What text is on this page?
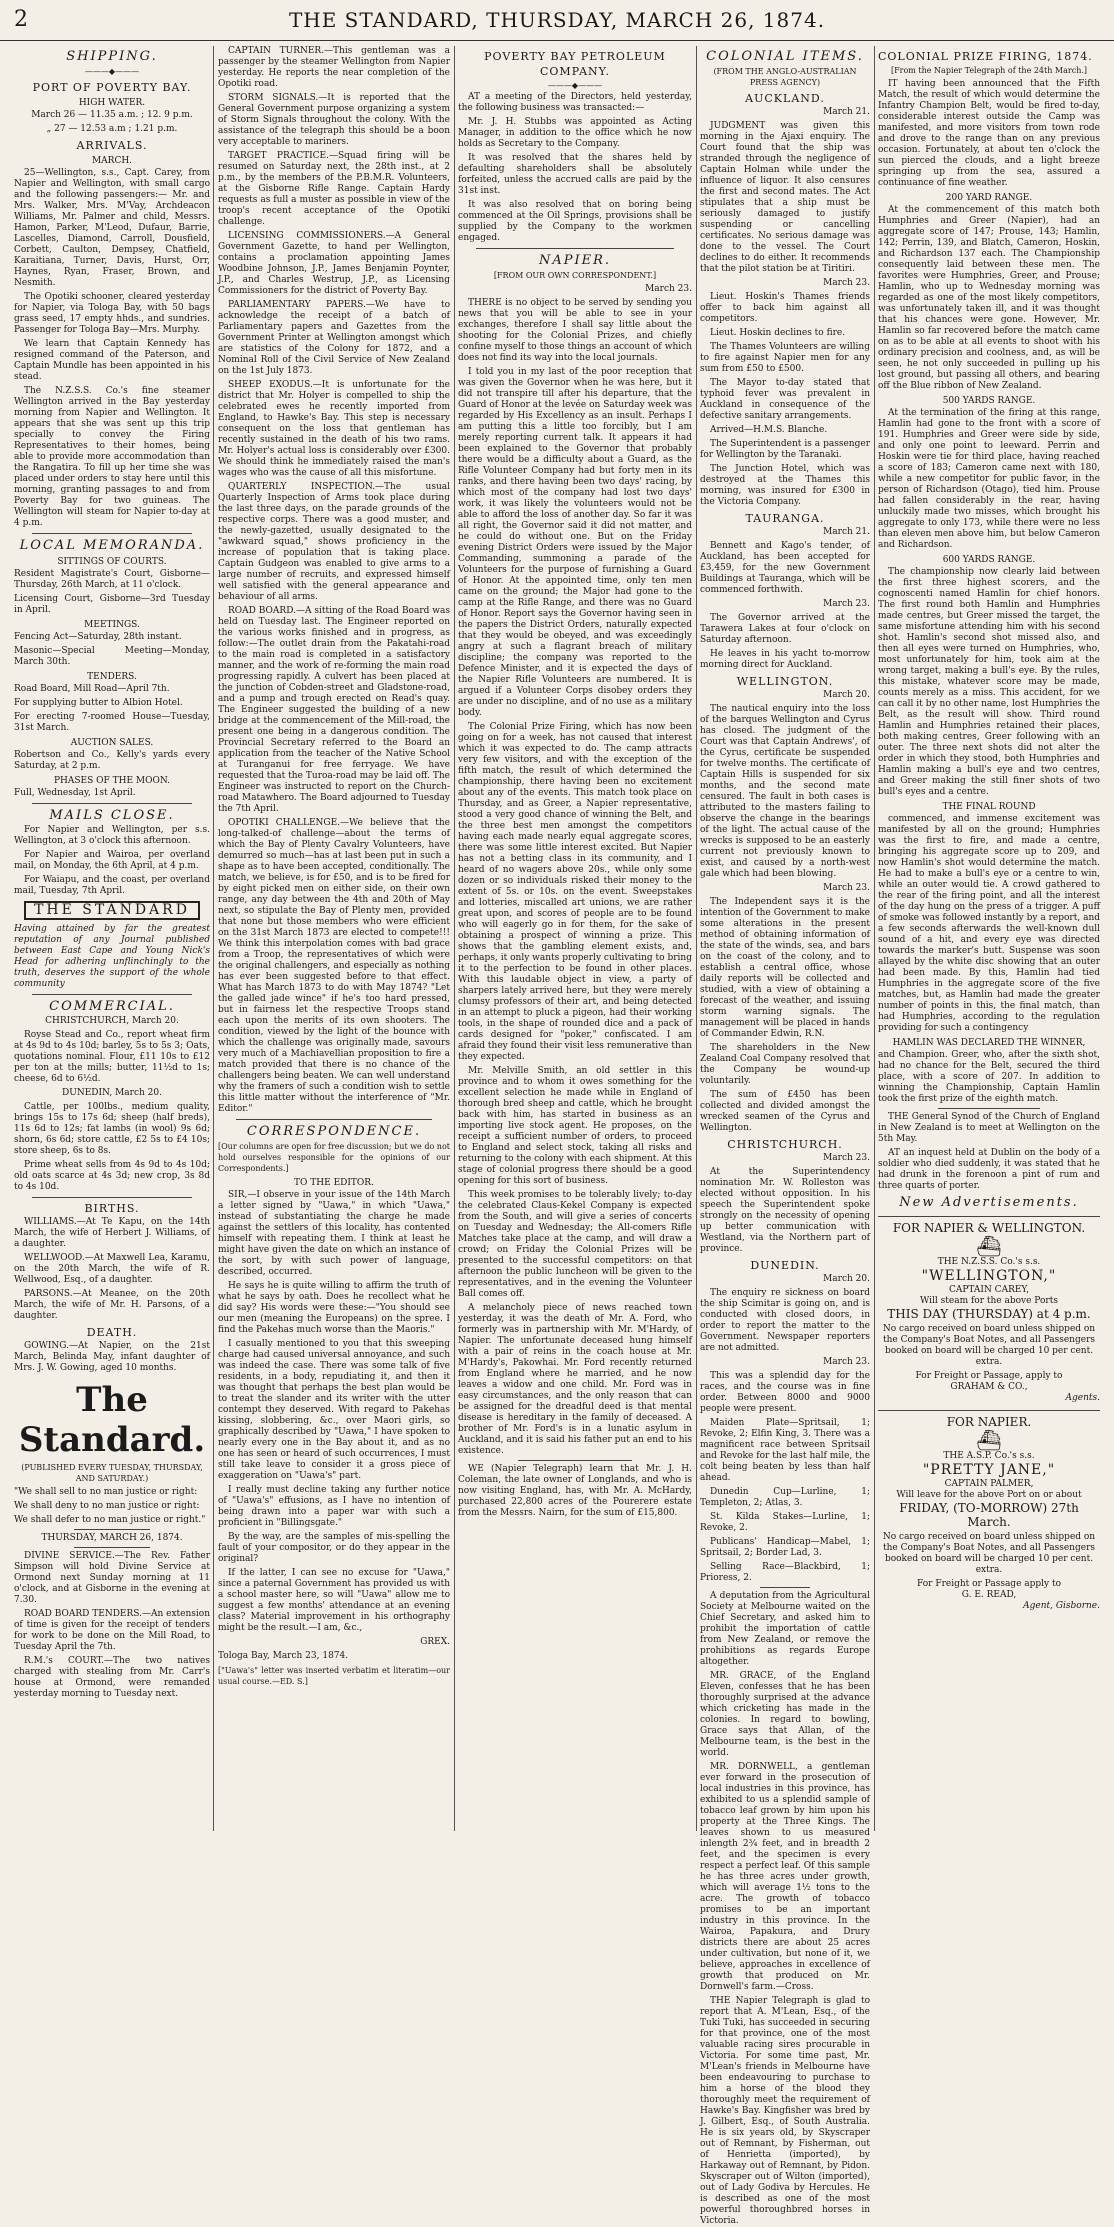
2	THE STANDARD, THURSDAY, MARCH 26, 1874.
SHIPPING.
———◆———
PORT OF POVERTY BAY.
HIGH WATER.

March 26 — 11.35 a.m. ; 12. 9 p.m.

„ 27 — 12.53 a.m ; 1.21 p.m.

ARRIVALS.
MARCH.

25—Wellington, s.s., Capt. Carey, from Napier and Wellington, with small cargo and the following passengers:— Mr. and Mrs. Walker, Mrs. M'Vay, Archdeacon Williams, Mr. Palmer and child, Messrs. Hamon, Parker, M'Leod, Dufaur, Barrie, Lascelles, Diamond, Carroll, Dousfield, Corbett, Caulton, Dempsey, Chatfield, Karaitiana, Turner, Davis, Hurst, Orr, Haynes, Ryan, Fraser, Brown, and Nesmith.

The Opotiki schooner, cleared yesterday for Napier, via Tologa Bay, with 50 bags grass seed, 17 empty hhds., and sundries. Passenger for Tologa Bay—Mrs. Murphy.

We learn that Captain Kennedy has resigned command of the Paterson, and Captain Mundle has been appointed in his stead.

The N.Z.S.S. Co.'s fine steamer Wellington arrived in the Bay yesterday morning from Napier and Wellington. It appears that she was sent up this trip specially to convey the Firing Representatives to their homes, being able to provide more accommodation than the Rangatira. To fill up her time she was placed under orders to stay here until this morning, granting passages to and from Poverty Bay for two guineas. The Wellington will steam for Napier to-day at 4 p.m.

LOCAL MEMORANDA.
SITTINGS OF COURTS.

Resident Magistrate's Court, Gisborne—Thursday, 26th March, at 11 o'clock.

Licensing Court, Gisborne—3rd Tuesday in April.

MEETINGS.

Fencing Act—Saturday, 28th instant.

Masonic—Special Meeting—Monday, March 30th.

TENDERS.

Road Board, Mill Road—April 7th.

For supplying butter to Albion Hotel.

For erecting 7-roomed House—Tuesday, 31st March.

AUCTION SALES.

Robertson and Co., Kelly's yards every Saturday, at 2 p.m.

PHASES OF THE MOON.

Full, Wednesday, 1st April.

MAILS CLOSE.

For Napier and Wellington, per s.s. Wellington, at 3 o'clock this afternoon.

For Napier and Wairoa, per overland mail, on Monday, the 6th April, at 4 p.m.

For Waiapu, and the coast, per overland mail, Tuesday, 7th April.

THE STANDARD

Having attained by far the greatest reputation of any Journal published between East Cape and Young Nick's Head for adhering unflinchingly to the truth, deserves the support of the whole community

COMMERCIAL.

CHRISTCHURCH, March 20.

Royse Stead and Co., report wheat firm at 4s 9d to 4s 10d; barley, 5s to 5s 3; Oats, quotations nominal. Flour, £11 10s to £12 per ton at the mills; butter, 11½d to 1s; cheese, 6d to 6½d.

DUNEDIN, March 20.

Cattle, per 100lbs., medium quality, brings 15s to 17s 6d; sheep (half breds), 11s 6d to 12s; fat lambs (in wool) 9s 6d; shorn, 6s 6d; store cattle, £2 5s to £4 10s; store sheep, 6s to 8s.

Prime wheat sells from 4s 9d to 4s 10d; old oats scarce at 4s 3d; new crop, 3s 8d to 4s 10d.

BIRTHS.

WILLIAMS.—At Te Kapu, on the 14th March, the wife of Herbert J. Williams, of a daughter.

WELLWOOD.—At Maxwell Lea, Karamu, on the 20th March, the wife of R. Wellwood, Esq., of a daughter.

PARSONS.—At Meanee, on the 20th March, the wife of Mr. H. Parsons, of a daughter.

DEATH.

GOWING.—At Napier, on the 21st March, Belinda May, infant daughter of Mrs. J. W. Gowing, aged 10 months.

The Standard.

(PUBLISHED EVERY TUESDAY, THURSDAY, AND SATURDAY.)

"We shall sell to no man justice or right:

We shall deny to no man justice or right:

We shall defer to no man justice or right."

THURSDAY, MARCH 26, 1874.

DIVINE SERVICE.—The Rev. Father Simpson will hold Divine Service at Ormond next Sunday morning at 11 o'clock, and at Gisborne in the evening at 7.30.

ROAD BOARD TENDERS.—An extension of time is given for the receipt of tenders for work to be done on the Mill Road, to Tuesday April the 7th.

R.M.'s COURT.—The two natives charged with stealing from Mr. Carr's house at Ormond, were remanded yesterday morning to Tuesday next.

CAPTAIN TURNER.—This gentleman was a passenger by the steamer Wellington from Napier yesterday. He reports the near completion of the Opotiki road.

STORM SIGNALS.—It is reported that the General Government purpose organizing a system of Storm Signals throughout the colony. With the assistance of the telegraph this should be a boon very acceptable to mariners.

TARGET PRACTICE.—Squad firing will be resumed on Saturday next, the 28th inst., at 2 p.m., by the members of the P.B.M.R. Volunteers, at the Gisborne Rifle Range. Captain Hardy requests as full a muster as possible in view of the troop's recent acceptance of the Opotiki challenge.

LICENSING COMMISSIONERS.—A General Government Gazette, to hand per Wellington, contains a proclamation appointing James Woodbine Johnson, J.P., James Benjamin Poynter, J.P., and Charles Westrup, J.P., as Licensing Commissioners for the district of Poverty Bay.

PARLIAMENTARY PAPERS.—We have to acknowledge the receipt of a batch of Parliamentary papers and Gazettes from the Government Printer at Wellington amongst which are statistics of the Colony for 1872, and a Nominal Roll of the Civil Service of New Zealand on the 1st July 1873.

SHEEP EXODUS.—It is unfortunate for the district that Mr. Holyer is compelled to ship the celebrated ewes he recently imported from England, to Hawke's Bay. This step is necessary consequent on the loss that gentleman has recently sustained in the death of his two rams. Mr. Holyer's actual loss is considerably over £300. We should think he immediately raised the man's wages who was the cause of all this misfortune.

QUARTERLY INSPECTION.—The usual Quarterly Inspection of Arms took place during the last three days, on the parade grounds of the respective corps. There was a good muster, and the newly-gazetted, usually designated to the "awkward squad," shows proficiency in the increase of population that is taking place. Captain Gudgeon was enabled to give arms to a large number of recruits, and expressed himself well satisfied with the general appearance and behaviour of all arms.

ROAD BOARD.—A sitting of the Road Board was held on Tuesday last. The Engineer reported on the various works finished and in progress, as follow:—The outlet drain from the Pakatahi-road to the main road is completed in a satisfactory manner, and the work of re-forming the main road progressing rapidly. A culvert has been placed at the junction of Cobden-street and Gladstone-road, and a pump and trough erected on Read's quay. The Engineer suggested the building of a new bridge at the commencement of the Mill-road, the present one being in a dangerous condition. The Provincial Secretary referred to the Board an application from the teacher of the Native School at Turanganui for free ferryage. We have requested that the Turoa-road may be laid off. The Engineer was instructed to report on the Church-road Matawhero. The Board adjourned to Tuesday the 7th April.

OPOTIKI CHALLENGE.—We believe that the long-talked-of challenge—about the terms of which the Bay of Plenty Cavalry Volunteers, have demurred so much—has at last been put in such a shape as to have been accepted, conditionally. The match, we believe, is for £50, and is to be fired for by eight picked men on either side, on their own range, any day between the 4th and 20th of May next, so stipulate the Bay of Plenty men, provided that none but those members who were efficient on the 31st March 1873 are elected to compete!!! We think this interpolation comes with bad grace from a Troop, the representatives of which were the original challengers, and especially as nothing has ever been suggested before to that effect. What has March 1873 to do with May 1874? "Let the galled jade wince" if he's too hard pressed, but in fairness let the respective Troops stand each upon the merits of its own shooters. The condition, viewed by the light of the bounce with which the challenge was originally made, savours very much of a Machiavellian proposition to fire a match provided that there is no chance of the challengers being beaten. We can well understand why the framers of such a condition wish to settle this little matter without the interference of "Mr. Editor."

CORRESPONDENCE.

[Our columns are open for free discussion; but we do not hold ourselves responsible for the opinions of our Correspondents.]

TO THE EDITOR.

SIR,—I observe in your issue of the 14th March a letter signed by "Uawa," in which "Uawa," instead of substantiating the charge he made against the settlers of this locality, has contented himself with repeating them. I think at least he might have given the date on which an instance of the sort, by with such power of language, described, occurred.

He says he is quite willing to affirm the truth of what he says by oath. Does he recollect what he did say? His words were these:—"You should see our men (meaning the Europeans) on the spree. I find the Pakehas much worse than the Maoris."

I casually mentioned to you that this sweeping charge had caused universal annoyance, and such was indeed the case. There was some talk of five residents, in a body, repudiating it, and then it was thought that perhaps the best plan would be to treat the slander and its writer with the utter contempt they deserved. With regard to Pakehas kissing, slobbering, &c., over Maori girls, so graphically described by "Uawa," I have spoken to nearly every one in the Bay about it, and as no one has seen or heard of such occurrences, I must still take leave to consider it a gross piece of exaggeration on "Uawa's" part.

I really must decline taking any further notice of "Uawa's" effusions, as I have no intention of being drawn into a paper war with such a proficient in "Billingsgate."

By the way, are the samples of mis-spelling the fault of your compositor, or do they appear in the original?

If the latter, I can see no excuse for "Uawa," since a paternal Government has provided us with a school master here, so will "Uawa" allow me to suggest a few months' attendance at an evening class? Material improvement in his orthography might be the result.—I am, &c.,

GREX.

Tologa Bay, March 23, 1874.

["Uawa's" letter was inserted verbatim et literatim—our usual course.—ED. S.]

POVERTY BAY PETROLEUM
COMPANY.
———◆———

AT a meeting of the Directors, held yesterday, the following business was transacted:—

Mr. J. H. Stubbs was appointed as Acting Manager, in addition to the office which he now holds as Secretary to the Company.

It was resolved that the shares held by defaulting shareholders shall be absolutely forfeited, unless the accrued calls are paid by the 31st inst.

It was also resolved that on boring being commenced at the Oil Springs, provisions shall be supplied by the Company to the workmen engaged.

NAPIER.

[FROM OUR OWN CORRESPONDENT.]

March 23.

THERE is no object to be served by sending you news that you will be able to see in your exchanges, therefore I shall say little about the shooting for the Colonial Prizes, and chiefly confine myself to those things an account of which does not find its way into the local journals.

I told you in my last of the poor reception that was given the Governor when he was here, but it did not transpire till after his departure, that the Guard of Honor at the levée on Saturday week was regarded by His Excellency as an insult. Perhaps I am putting this a little too forcibly, but I am merely reporting current talk. It appears it had been explained to the Governor that probably there would be a difficulty about a Guard, as the Rifle Volunteer Company had but forty men in its ranks, and there having been two days' racing, by which most of the company had lost two days' work, it was likely the volunteers would not be able to afford the loss of another day. So far it was all right, the Governor said it did not matter, and he could do without one. But on the Friday evening District Orders were issued by the Major Commanding, summoning a parade of the Volunteers for the purpose of furnishing a Guard of Honor. At the appointed time, only ten men came on the ground; the Major had gone to the camp at the Rifle Range, and there was no Guard of Honor. Report says the Governor having seen in the papers the District Orders, naturally expected that they would be obeyed, and was exceedingly angry at such a flagrant breach of military discipline; the company was reported to the Defence Minister, and it is expected the days of the Napier Rifle Volunteers are numbered. It is argued if a Volunteer Corps disobey orders they are under no discipline, and of no use as a military body.

The Colonial Prize Firing, which has now been going on for a week, has not caused that interest which it was expected to do. The camp attracts very few visitors, and with the exception of the fifth match, the result of which determined the championship, there having been no excitement about any of the events. This match took place on Thursday, and as Greer, a Napier representative, stood a very good chance of winning the Belt, and the three best men amongst the competitors having each made nearly equal aggregate scores, there was some little interest excited. But Napier has not a betting class in its community, and I heard of no wagers above 20s., while only some dozen or so individuals risked their money to the extent of 5s. or 10s. on the event. Sweepstakes and lotteries, miscalled art unions, we are rather great upon, and scores of people are to be found who will eagerly go in for them, for the sake of obtaining a prospect of winning a prize. This shows that the gambling element exists, and, perhaps, it only wants properly cultivating to bring it to the perfection to be found in other places. With this laudable object in view, a party of sharpers lately arrived here, but they were merely clumsy professors of their art, and being detected in an attempt to pluck a pigeon, had their working tools, in the shape of rounded dice and a pack of cards designed for "poker," confiscated. I am afraid they found their visit less remunerative than they expected.

Mr. Melville Smith, an old settler in this province and to whom it owes something for the excellent selection he made while in England of thorough bred sheep and cattle, which he brought back with him, has started in business as an importing live stock agent. He proposes, on the receipt a sufficient number of orders, to proceed to England and select stock, taking all risks and returning to the colony with each shipment. At this stage of colonial progress there should be a good opening for this sort of business.

This week promises to be tolerably lively; to-day the celebrated Claus-Kekel Company is expected from the South, and will give a series of concerts on Tuesday and Wednesday; the All-comers Rifle Matches take place at the camp, and will draw a crowd; on Friday the Colonial Prizes will be presented to the successful competitors: on that afternoon the public luncheon will be given to the representatives, and in the evening the Volunteer Ball comes off.

A melancholy piece of news reached town yesterday, it was the death of Mr. A. Ford, who formerly was in partnership with Mr. M'Hardy, of Napier. The unfortunate deceased hung himself with a pair of reins in the coach house at Mr. M'Hardy's, Pakowhai. Mr. Ford recently returned from England where he married, and he now leaves a widow and one child. Mr. Ford was in easy circumstances, and the only reason that can be assigned for the dreadful deed is that mental disease is hereditary in the family of deceased. A brother of Mr. Ford's is in a lunatic asylum in Auckland, and it is said his father put an end to his existence.

WE (Napier Telegraph) learn that Mr. J. H. Coleman, the late owner of Longlands, and who is now visiting England, has, with Mr. A. McHardy, purchased 22,800 acres of the Pourerere estate from the Messrs. Nairn, for the sum of £15,800.

COLONIAL ITEMS.

(FROM THE ANGLO-AUSTRALIAN PRESS AGENCY)

AUCKLAND.

March 21.

JUDGMENT was given this morning in the Ajaxi enquiry. The Court found that the ship was stranded through the negligence of Captain Holman while under the influence of liquor. It also censures the first and second mates. The Act stipulates that a ship must be seriously damaged to justify suspending or cancelling certificates. No serious damage was done to the vessel. The Court declines to do either. It recommends that the pilot station be at Tiritiri.

March 23.

Lieut. Hoskin's Thames friends offer to back him against all competitors.

Lieut. Hoskin declines to fire.

The Thames Volunteers are willing to fire against Napier men for any sum from £50 to £500.

The Mayor to-day stated that typhoid fever was prevalent in Auckland in consequence of the defective sanitary arrangements.

Arrived—H.M.S. Blanche.

The Superintendent is a passenger for Wellington by the Taranaki.

The Junction Hotel, which was destroyed at the Thames this morning, was insured for £300 in the Victoria Company.

TAURANGA.

March 21.

Bennett and Kago's tender, of Auckland, has been accepted for £3,459, for the new Government Buildings at Tauranga, which will be commenced forthwith.

March 23.

The Governor arrived at the Tarawera Lakes at four o'clock on Saturday afternoon.

He leaves in his yacht to-morrow morning direct for Auckland.

WELLINGTON.

March 20.

The nautical enquiry into the loss of the barques Wellington and Cyrus has closed. The judgment of the Court was that Captain Andrews', of the Cyrus, certificate be suspended for twelve months. The certificate of Captain Hills is suspended for six months, and the second mate censured. The fault in both cases is attributed to the masters failing to observe the change in the bearings of the light. The actual cause of the wrecks is supposed to be an easterly current not previously known to exist, and caused by a north-west gale which had been blowing.

March 23.

The Independent says it is the intention of the Government to make some alterations in the present method of obtaining information of the state of the winds, sea, and bars on the coast of the colony, and to establish a central office, whose daily reports will be collected and studied, with a view of obtaining a forecast of the weather, and issuing storm warning signals. The management will be placed in hands of Commander Edwin, R.N.

The shareholders in the New Zealand Coal Company resolved that the Company be wound-up voluntarily.

The sum of £450 has been collected and divided amongst the wrecked seamen of the Cyrus and Wellington.

CHRISTCHURCH.

March 23.

At the Superintendency nomination Mr. W. Rolleston was elected without opposition. In his speech the Superintendent spoke strongly on the necessity of opening up better communication with Westland, via the Northern part of province.

DUNEDIN.

March 20.

The enquiry re sickness on board the ship Scimitar is going on, and is conducted with closed doors, in order to report the matter to the Government. Newspaper reporters are not admitted.

March 23.

This was a splendid day for the races, and the course was in fine order. Between 8000 and 9000 people were present.

Maiden Plate—Spritsail, 1; Revoke, 2; Elfin King, 3. There was a magnificent race between Spritsail and Revoke for the last half mile, the colt being beaten by less than half ahead.

Dunedin Cup—Lurline, 1; Templeton, 2; Atlas, 3.

St. Kilda Stakes—Lurline, 1; Revoke, 2.

Publicans' Handicap—Mabel, 1; Spritsail, 2; Border Lad, 3.

Selling Race—Blackbird, 1; Prioress, 2.

A deputation from the Agricultural Society at Melbourne waited on the Chief Secretary, and asked him to prohibit the importation of cattle from New Zealand, or remove the prohibitions as regards Europe altogether.

MR. GRACE, of the England Eleven, confesses that he has been thoroughly surprised at the advance which cricketing has made in the colonies. In regard to bowling, Grace says that Allan, of the Melbourne team, is the best in the world.

MR. DORNWELL, a gentleman ever forward in the prosecution of local industries in this province, has exhibited to us a splendid sample of tobacco leaf grown by him upon his property at the Three Kings. The leaves shown to us measured inlength 2¾ feet, and in breadth 2 feet, and the specimen is every respect a perfect leaf. Of this sample he has three acres under growth, which will average 1½ tons to the acre. The growth of tobacco promises to be an important industry in this province. In the Wairoa, Papakura, and Drury districts there are about 25 acres under cultivation, but none of it, we believe, approaches in excellence of growth that produced on Mr. Dornwell's farm.—Cross.

THE Napier Telegraph is glad to report that A. M'Lean, Esq., of the Tuki Tuki, has succeeded in securing for that province, one of the most valuable racing sires procurable in Victoria. For some time past, Mr. M'Lean's friends in Melbourne have been endeavouring to purchase to him a horse of the blood they thoroughly meet the requirement of Hawke's Bay. Kingfisher was bred by J. Gilbert, Esq., of South Australia. He is six years old, by Skyscraper out of Remnant, by Fisherman, out of Henrietta (imported), by Harkaway out of Remnant, by Pidon. Skyscraper out of Wilton (imported), out of Lady Godiva by Hercules. He is described as one of the most powerful thoroughbred horses in Victoria.

COLONIAL PRIZE FIRING, 1874.

[From the Napier Telegraph of the 24th March.]

IT having been announced that the Fifth Match, the result of which would determine the Infantry Champion Belt, would be fired to-day, considerable interest outside the Camp was manifested, and more visitors from town rode and drove to the range than on any previous occasion. Fortunately, at about ten o'clock the sun pierced the clouds, and a light breeze springing up from the sea, assured a continuance of fine weather.

200 YARD RANGE.

At the commencement of this match both Humphries and Greer (Napier), had an aggregate score of 147; Prouse, 143; Hamlin, 142; Perrin, 139, and Blatch, Cameron, Hoskin, and Richardson 137 each. The Championship consequently laid between these men. The favorites were Humphries, Greer, and Prouse; Hamlin, who up to Wednesday morning was regarded as one of the most likely competitors, was unfortunately taken ill, and it was thought that his chances were gone. However, Mr. Hamlin so far recovered before the match came on as to be able at all events to shoot with his ordinary precision and coolness, and, as will be seen, he not only succeeded in pulling up his lost ground, but passing all others, and bearing off the Blue ribbon of New Zealand.

500 YARDS RANGE.

At the termination of the firing at this range, Hamlin had gone to the front with a score of 191. Humphries and Greer were side by side, and only one point to leeward. Perrin and Hoskin were tie for third place, having reached a score of 183; Cameron came next with 180, while a new competitor for public favor, in the person of Richardson (Otago), tied him. Prouse had fallen considerably in the rear, having unluckily made two misses, which brought his aggregate to only 173, while there were no less than eleven men above him, but below Cameron and Richardson.

600 YARDS RANGE.

The championship now clearly laid between the first three highest scorers, and the cognoscenti named Hamlin for chief honors. The first round both Hamlin and Humphries made centres, but Greer missed the target, the same misfortune attending him with his second shot. Hamlin's second shot missed also, and then all eyes were turned on Humphries, who, most unfortunately for him, took aim at the wrong target, making a bull's eye. By the rules, this mistake, whatever score may be made, counts merely as a miss. This accident, for we can call it by no other name, lost Humphries the Belt, as the result will show. Third round Hamlin and Humphries retained their places, both making centres, Greer following with an outer. The three next shots did not alter the order in which they stood, both Humphries and Hamlin making a bull's eye and two centres, and Greer making the still finer shots of two bull's eyes and a centre.

THE FINAL ROUND

commenced, and immense excitement was manifested by all on the ground; Humphries was the first to fire, and made a centre, bringing his aggregate score up to 209, and now Hamlin's shot would determine the match. He had to make a bull's eye or a centre to win, while an outer would tie. A crowd gathered to the rear of the firing point, and all the interest of the day hung on the press of a trigger. A puff of smoke was followed instantly by a report, and a few seconds afterwards the well-known dull sound of a hit, and every eye was directed towards the marker's butt. Suspense was soon allayed by the white disc showing that an outer had been made. By this, Hamlin had tied Humphries in the aggregate score of the five matches, but, as Hamlin had made the greater number of points in this, the final match, than had Humphries, according to the regulation providing for such a contingency

HAMLIN WAS DECLARED THE WINNER,

and Champion. Greer, who, after the sixth shot, had no chance for the Belt, secured the third place, with a score of 207. In addition to winning the Championship, Captain Hamlin took the first prize of the eighth match.

THE General Synod of the Church of England in New Zealand is to meet at Wellington on the 5th May.

AT an inquest held at Dublin on the body of a soldier who died suddenly, it was stated that he had drunk in the forenoon a pint of rum and three quarts of porter.

New Advertisements.
FOR NAPIER & WELLINGTON.
⛴
THE N.Z.S.S. Co.'s s.s.
"WELLINGTON,"
CAPTAIN CAREY,
Will steam for the above Ports
THIS DAY (THURSDAY) at 4 p.m.

No cargo received on board unless shipped on the Company's Boat Notes, and all Passengers booked on board will be charged 10 per cent. extra.

For Freight or Passage, apply to
GRAHAM & CO.,
Agents.
FOR NAPIER.
⛴
THE A.S.P. Co.'s s.s.
"PRETTY JANE,"
CAPTAIN PALMER,
Will leave for the above Port on or about
FRIDAY, (TO-MORROW) 27th March.

No cargo received on board unless shipped on the Company's Boat Notes, and all Passengers booked on board will be charged 10 per cent. extra.

For Freight or Passage apply to
G. E. READ,
Agent, Gisborne.
